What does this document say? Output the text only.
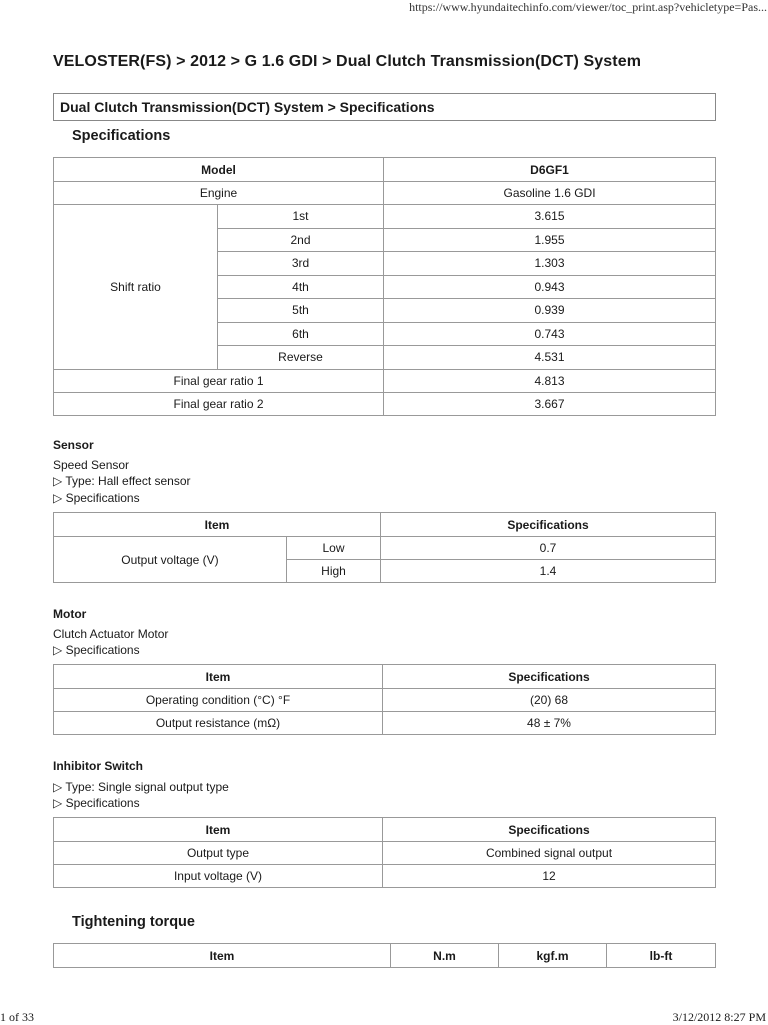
https://www.hyundaitechinfo.com/viewer/toc_print.asp?vehicletype=Pas...
VELOSTER(FS) > 2012 > G 1.6 GDI > Dual Clutch Transmission(DCT) System
Dual Clutch Transmission(DCT) System > Specifications
Specifications
Model		D6GF1
Engine		Gasoline 1.6 GDI
Shift ratio	1st	3.615
	2nd	1.955
	3rd	1.303
	4th	0.943
	5th	0.939
	6th	0.743
	Reverse	4.531
Final gear ratio 1		4.813
Final gear ratio 2		3.667
Sensor
Speed Sensor
▷ Type: Hall effect sensor
▷ Specifications
Item		Specifications
Output voltage (V)	Low	0.7
	High	1.4
Motor
Clutch Actuator Motor
▷ Specifications
Item	Specifications
Operating condition (°C) °F	(20) 68
Output resistance (mΩ)	48 ± 7%
Inhibitor Switch
▷ Type: Single signal output type
▷ Specifications
Item	Specifications
Output type	Combined signal output
Input voltage (V)	12
Tightening torque
Item	N.m	kgf.m	lb-ft
1 of 33	3/12/2012 8:27 PM
